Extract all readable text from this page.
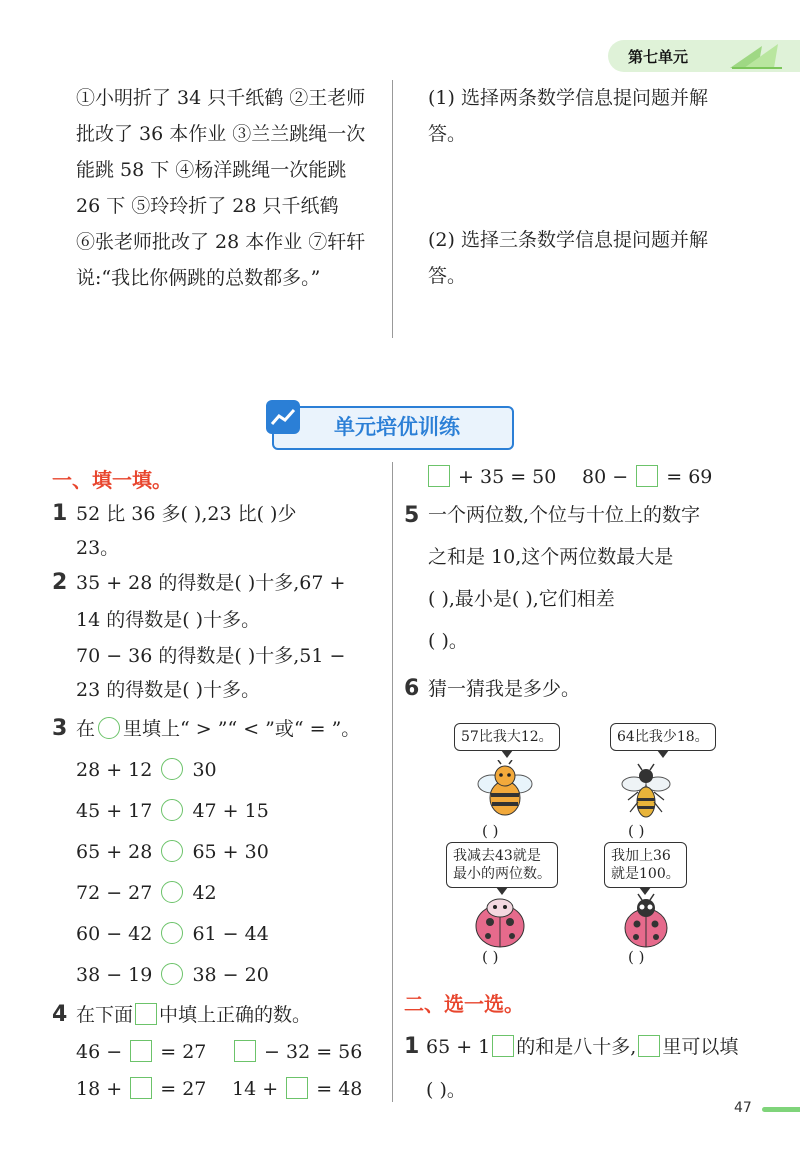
第七单元
①小明折了 34 只千纸鹤 ②王老师
批改了 36 本作业 ③兰兰跳绳一次
能跳 58 下 ④杨洋跳绳一次能跳
26 下 ⑤玲玲折了 28 只千纸鹤
⑥张老师批改了 28 本作业 ⑦轩轩
说:“我比你俩跳的总数都多。”
(1) 选择两条数学信息提问题并解
答。
(2) 选择三条数学信息提问题并解
答。
单元培优训练
一、填一填。
1 52 比 36 多( ),23 比( )少
23。
2 35 + 28 的得数是( )十多,67 +
14 的得数是( )十多。
70 − 36 的得数是( )十多,51 −
23 的得数是( )十多。
3 在 里填上“ > ”“ < ”或“ = ”。
28 + 12 30
45 + 17 47 + 15
65 + 28 65 + 30
72 − 27 42
60 − 42 61 − 44
38 − 19 38 − 20
4 在下面 中填上正确的数。
46 − = 27	− 32 = 56
18 + = 27 14 + = 48
+ 35 = 50 80 − = 69
5 一个两位数,个位与十位上的数字
之和是 10,这个两位数最大是
( ),最小是( ),它们相差
( )。
6 猜一猜我是多少。
57比我大12。	64比我少18。
( )	( )
我减去43就是
最小的两位数。
我加上36
就是100。
( )	( )
二、选一选。
1 65 + 1 的和是八十多, 里可以填
( )。
47
